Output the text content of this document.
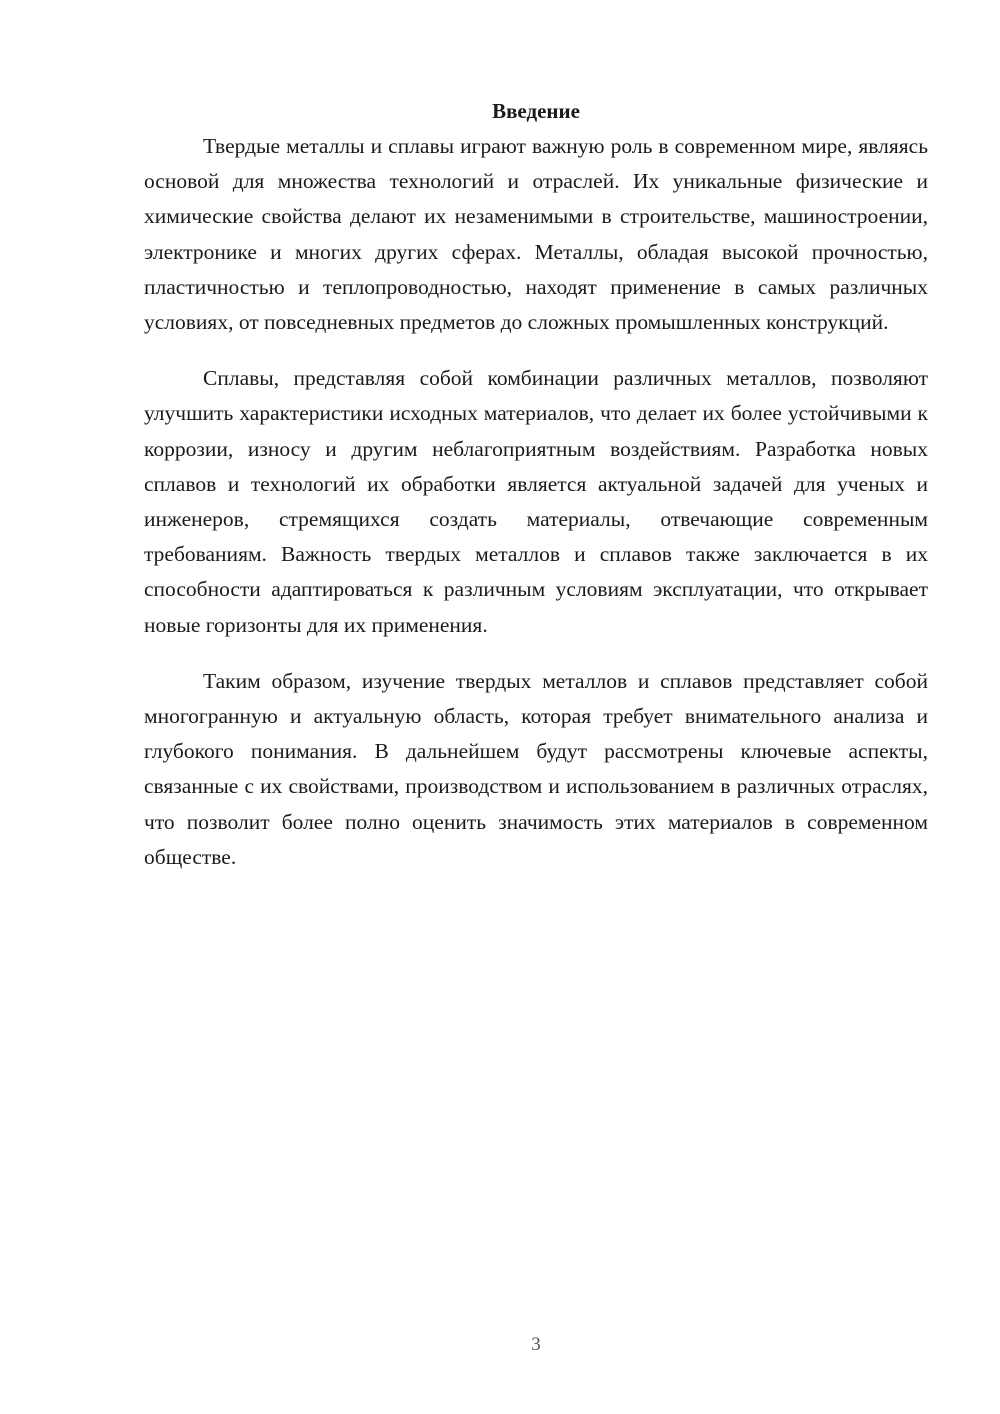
Введение

Твердые металлы и сплавы играют важную роль в современном мире, являясь основой для множества технологий и отраслей. Их уникальные физические и химические свойства делают их незаменимыми в строительстве, машиностроении, электронике и многих других сферах. Металлы, обладая высокой прочностью, пластичностью и теплопроводностью, находят применение в самых различных условиях, от повседневных предметов до сложных промышленных конструкций.

Сплавы, представляя собой комбинации различных металлов, позволяют улучшить характеристики исходных материалов, что делает их более устойчивыми к коррозии, износу и другим неблагоприятным воздействиям. Разработка новых сплавов и технологий их обработки является актуальной задачей для ученых и инженеров, стремящихся создать материалы, отвечающие современным требованиям. Важность твердых металлов и сплавов также заключается в их способности адаптироваться к различным условиям эксплуатации, что открывает новые горизонты для их применения.

Таким образом, изучение твердых металлов и сплавов представляет собой многогранную и актуальную область, которая требует внимательного анализа и глубокого понимания. В дальнейшем будут рассмотрены ключевые аспекты, связанные с их свойствами, производством и использованием в различных отраслях, что позволит более полно оценить значимость этих материалов в современном обществе.

3
